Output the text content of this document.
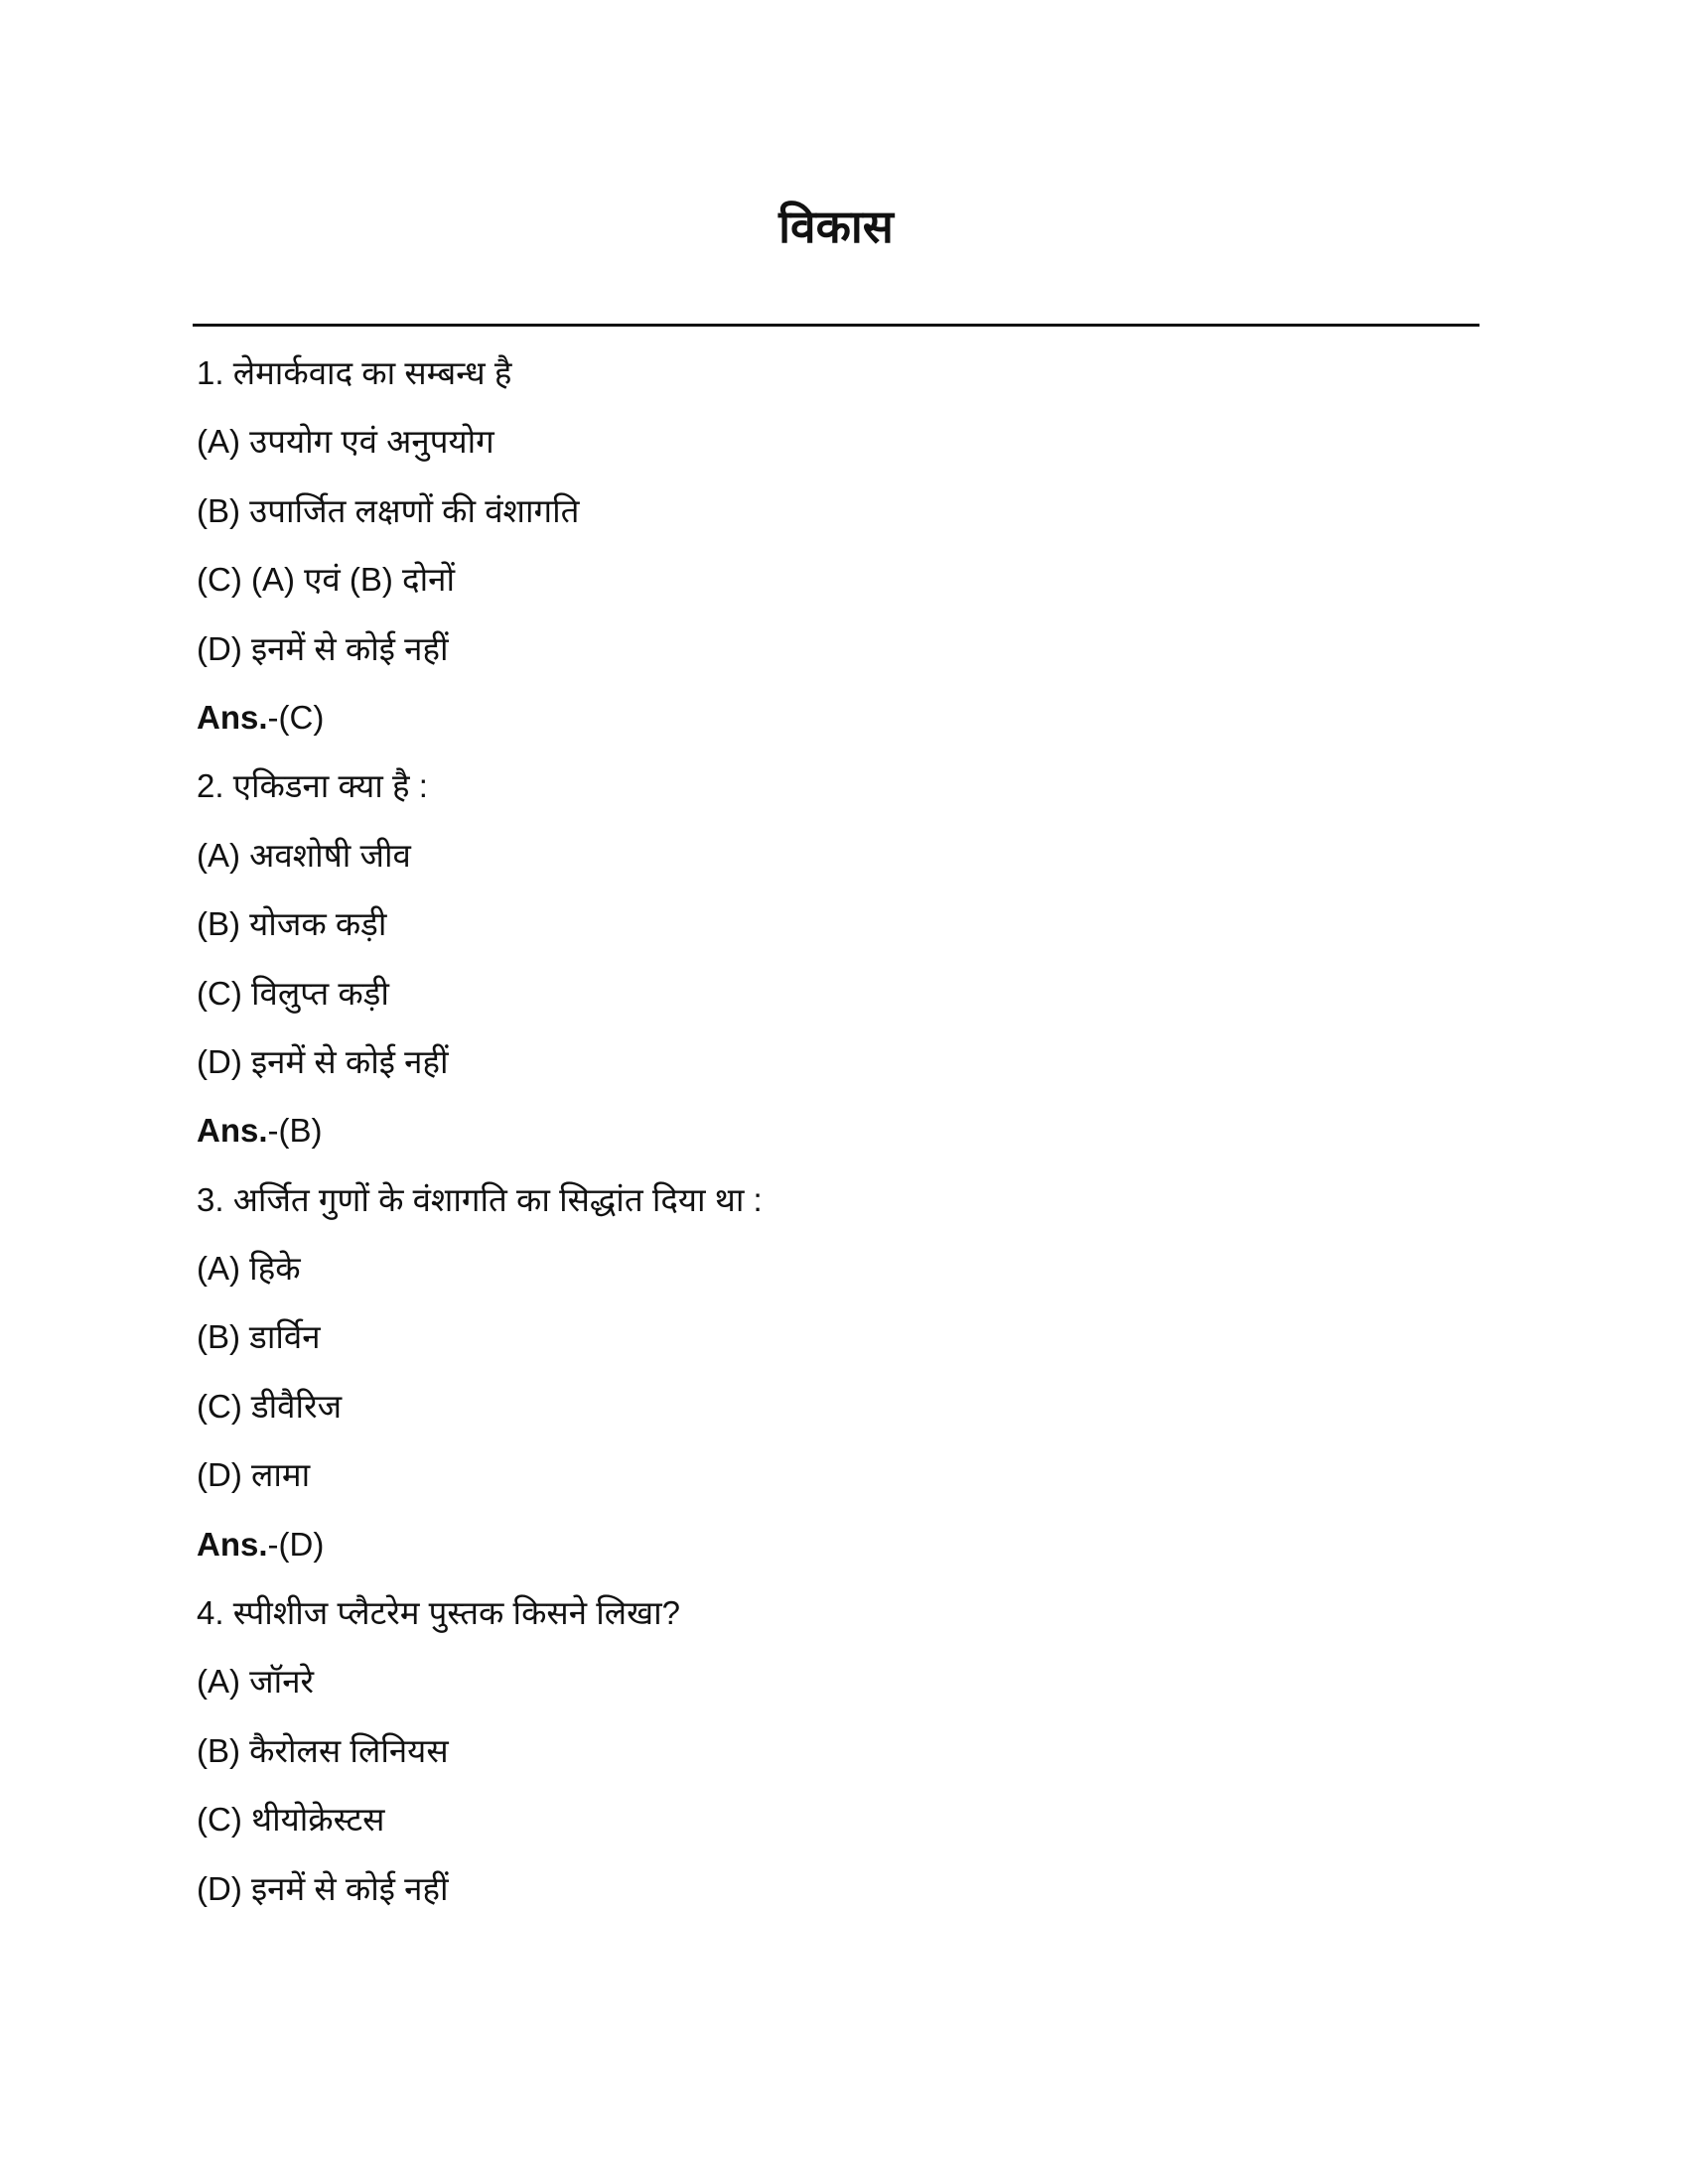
विकास
1. लेमार्कवाद का सम्बन्ध है
(A) उपयोग एवं अनुपयोग
(B) उपार्जित लक्षणों की वंशागति
(C) (A) एवं (B) दोनों
(D) इनमें से कोई नहीं
Ans.-(C)
2. एकिडना क्या है :
(A) अवशोषी जीव
(B) योजक कड़ी
(C) विलुप्त कड़ी
(D) इनमें से कोई नहीं
Ans.-(B)
3. अर्जित गुणों के वंशागति का सिद्धांत दिया था :
(A) हिके
(B) डार्विन
(C) डीवैरिज
(D) लामा
Ans.-(D)
4. स्पीशीज प्लैटरेम पुस्तक किसने लिखा?
(A) जॉनरे
(B) कैरोलस लिनियस
(C) थीयोक्रेस्टस
(D) इनमें से कोई नहीं
